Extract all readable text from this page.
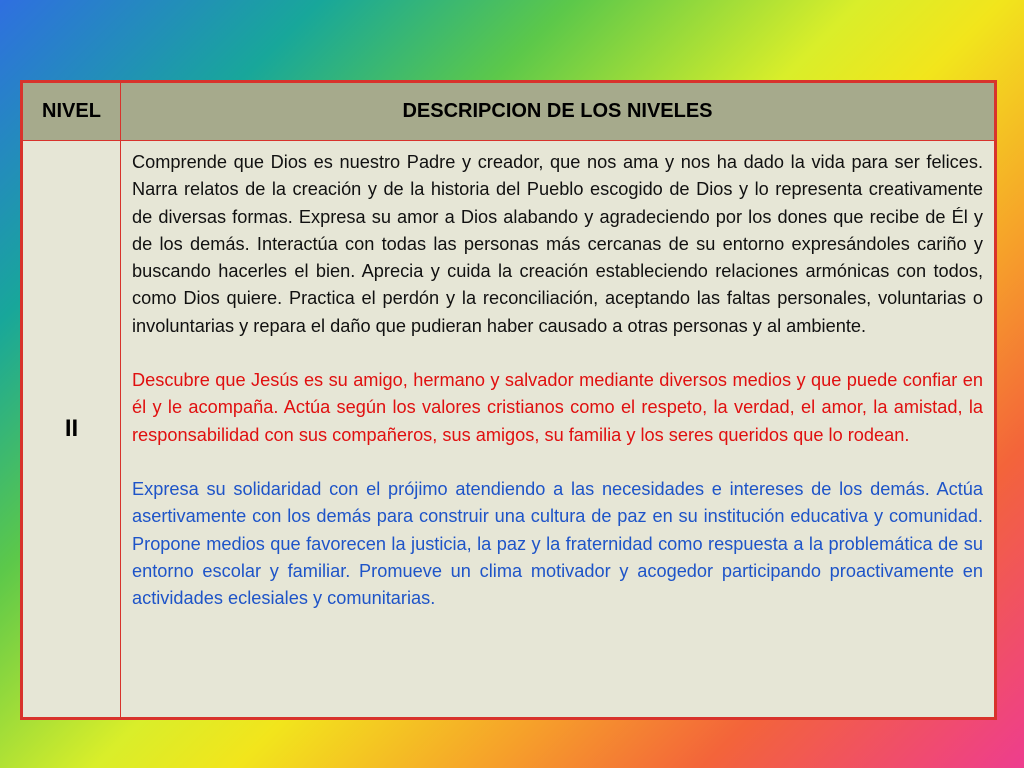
NIVEL	DESCRIPCION DE LOS NIVELES
II	Comprende que Dios es nuestro Padre y creador, que nos ama y nos ha dado la vida para ser felices. Narra relatos de la creación y de la historia del Pueblo escogido de Dios y lo representa creativamente de diversas formas. Expresa su amor a Dios alabando y agradeciendo por los dones que recibe de Él y de los demás. Interactúa con todas las personas más cercanas de su entorno expresándoles cariño y buscando hacerles el bien. Aprecia y cuida la creación estableciendo relaciones armónicas con todos, como Dios quiere. Practica el perdón y la reconciliación, aceptando las faltas personales, voluntarias o involuntarias y repara el daño que pudieran haber causado a otras personas y al ambiente.

Descubre que Jesús es su amigo, hermano y salvador mediante diversos medios y que puede confiar en él y le acompaña. Actúa según los valores cristianos como el respeto, la verdad, el amor, la amistad, la responsabilidad con sus compañeros, sus amigos, su familia y los seres queridos que lo rodean.

Expresa su solidaridad con el prójimo atendiendo a las necesidades e intereses de los demás. Actúa asertivamente con los demás para construir una cultura de paz en su institución educativa y comunidad. Propone medios que favorecen la justicia, la paz y la fraternidad como respuesta a la problemática de su entorno escolar y familiar. Promueve un clima motivador y acogedor participando proactivamente en actividades eclesiales y comunitarias.
